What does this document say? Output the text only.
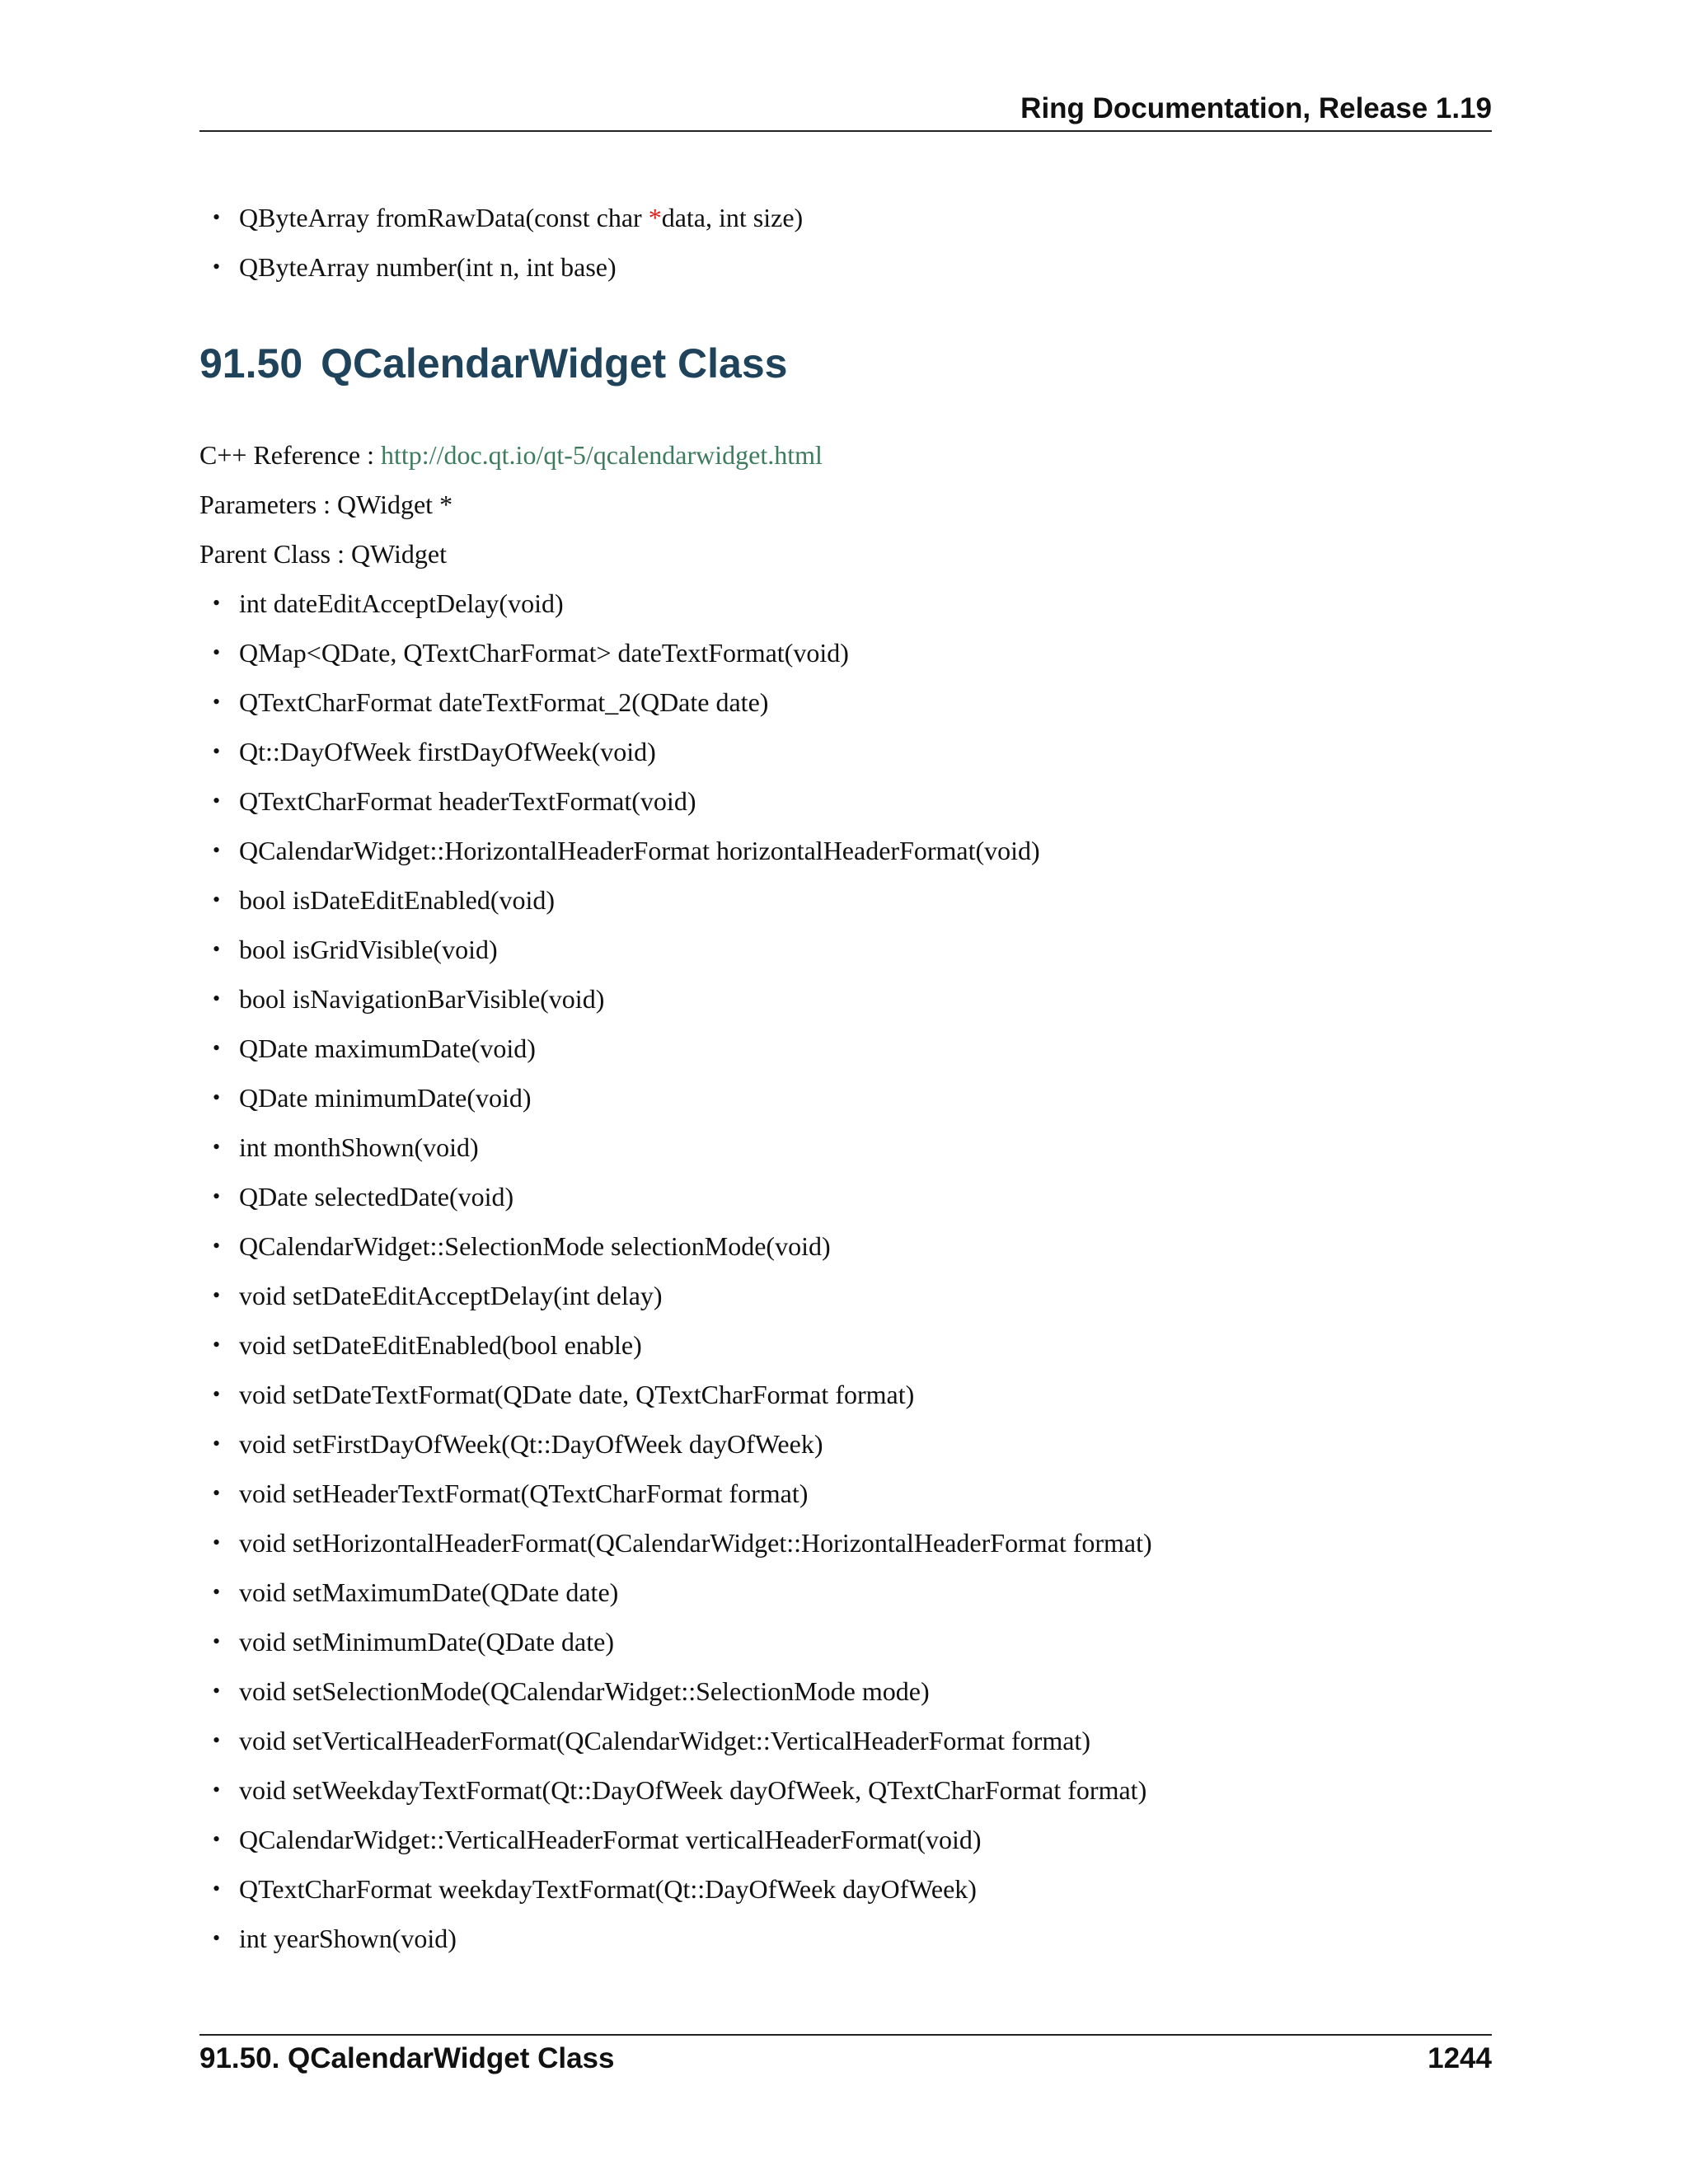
Ring Documentation, Release 1.19
• QByteArray fromRawData(const char *data, int size)
• QByteArray number(int n, int base)
91.50 QCalendarWidget Class
C++ Reference : http://doc.qt.io/qt-5/qcalendarwidget.html
Parameters : QWidget *
Parent Class : QWidget
• int dateEditAcceptDelay(void)
• QMap<QDate, QTextCharFormat> dateTextFormat(void)
• QTextCharFormat dateTextFormat_2(QDate date)
• Qt::DayOfWeek firstDayOfWeek(void)
• QTextCharFormat headerTextFormat(void)
• QCalendarWidget::HorizontalHeaderFormat horizontalHeaderFormat(void)
• bool isDateEditEnabled(void)
• bool isGridVisible(void)
• bool isNavigationBarVisible(void)
• QDate maximumDate(void)
• QDate minimumDate(void)
• int monthShown(void)
• QDate selectedDate(void)
• QCalendarWidget::SelectionMode selectionMode(void)
• void setDateEditAcceptDelay(int delay)
• void setDateEditEnabled(bool enable)
• void setDateTextFormat(QDate date, QTextCharFormat format)
• void setFirstDayOfWeek(Qt::DayOfWeek dayOfWeek)
• void setHeaderTextFormat(QTextCharFormat format)
• void setHorizontalHeaderFormat(QCalendarWidget::HorizontalHeaderFormat format)
• void setMaximumDate(QDate date)
• void setMinimumDate(QDate date)
• void setSelectionMode(QCalendarWidget::SelectionMode mode)
• void setVerticalHeaderFormat(QCalendarWidget::VerticalHeaderFormat format)
• void setWeekdayTextFormat(Qt::DayOfWeek dayOfWeek, QTextCharFormat format)
• QCalendarWidget::VerticalHeaderFormat verticalHeaderFormat(void)
• QTextCharFormat weekdayTextFormat(Qt::DayOfWeek dayOfWeek)
• int yearShown(void)
91.50. QCalendarWidget Class	1244
